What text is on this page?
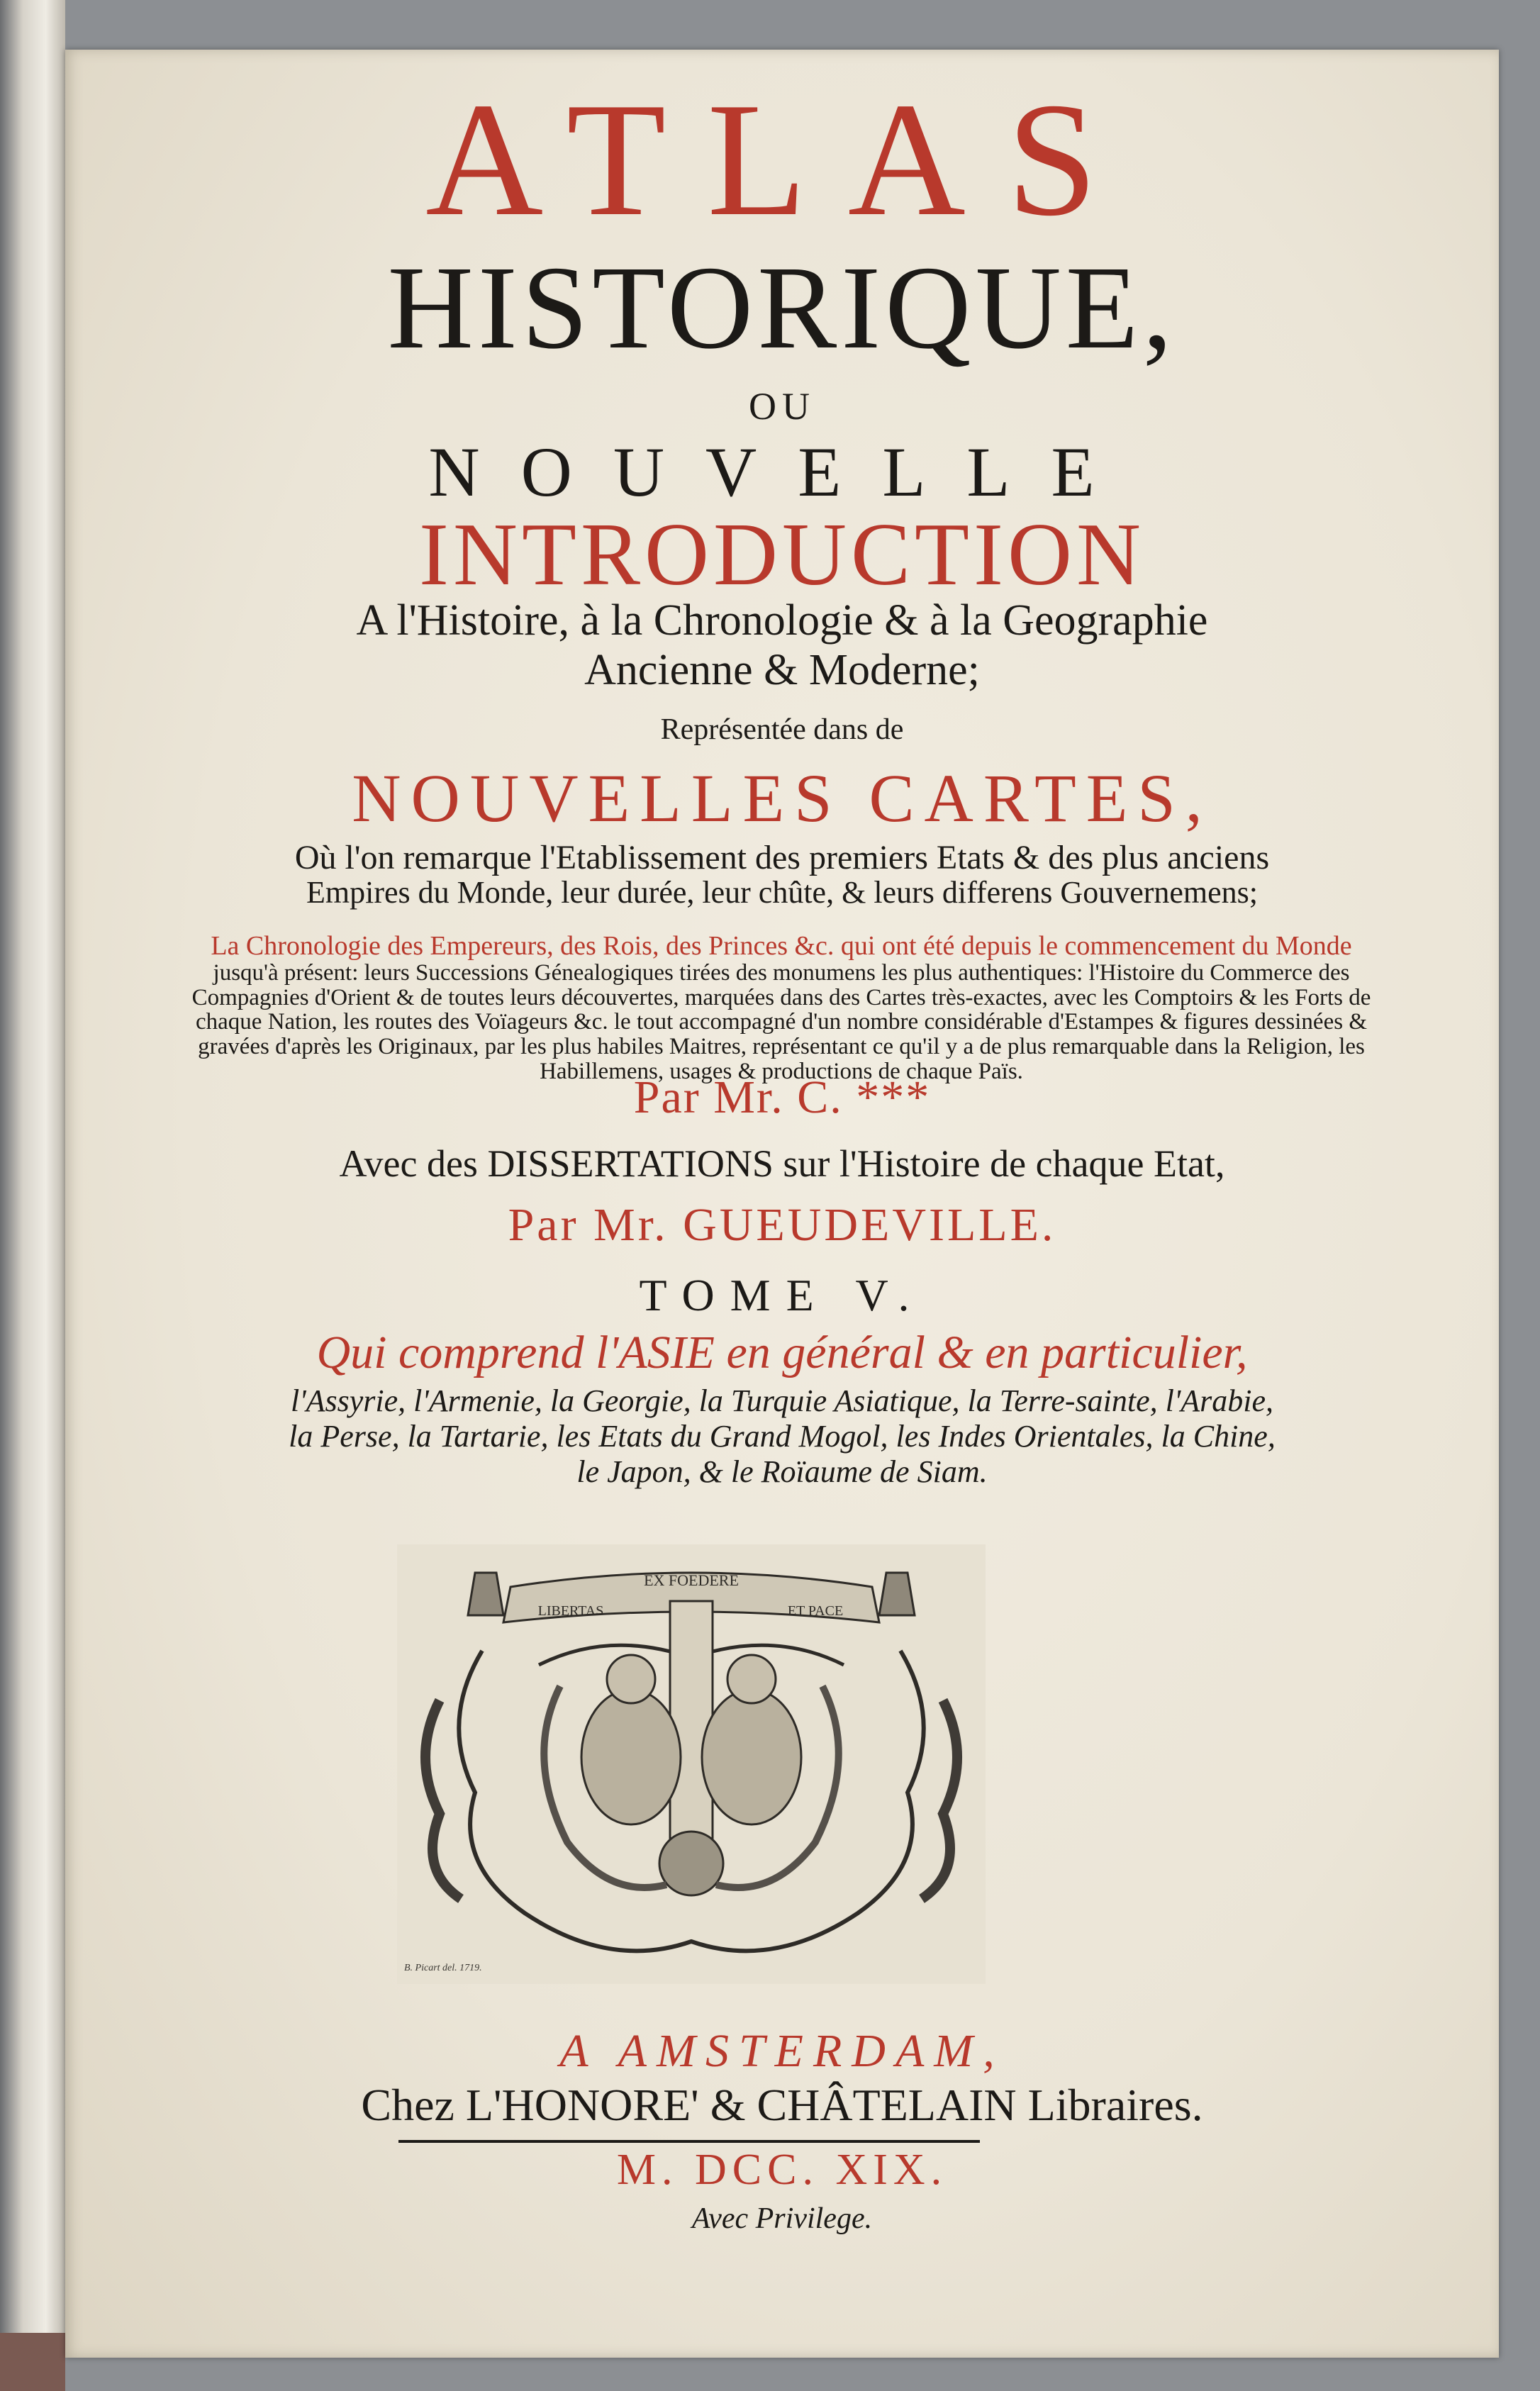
ATLAS
HISTORIQUE,
OU
NOUVELLE
INTRODUCTION
A l'Histoire, à la Chronologie & à la Geographie
Ancienne & Moderne;
Représentée dans de
NOUVELLES CARTES,
Où l'on remarque l'Etablissement des premiers Etats & des plus anciens
Empires du Monde, leur durée, leur chûte, & leurs differens Gouvernemens;
La Chronologie des Empereurs, des Rois, des Princes &c. qui ont été depuis le commencement du Monde
jusqu'à présent: leurs Successions Génealogiques tirées des monumens les plus authentiques: l'Histoire du Commerce des Compagnies d'Orient & de toutes leurs découvertes, marquées dans des Cartes très-exactes, avec les Comptoirs & les Forts de chaque Nation, les routes des Voïageurs &c. le tout accompagné d'un nombre considérable d'Estampes & figures dessinées & gravées d'après les Originaux, par les plus habiles Maitres, représentant ce qu'il y a de plus remarquable dans la Religion, les Habillemens, usages & productions de chaque Païs.
Par Mr. C. ***
Avec des DISSERTATIONS sur l'Histoire de chaque Etat,
Par Mr. GUEUDEVILLE.
TOME V.
Qui comprend l'ASIE en général & en particulier,
l'Assyrie, l'Armenie, la Georgie, la Turquie Asiatique, la Terre-sainte, l'Arabie,
la Perse, la Tartarie, les Etats du Grand Mogol, les Indes Orientales, la Chine,
le Japon, & le Roïaume de Siam.
EX FOEDERE
LIBERTAS	ET PACE
B. Picart del. 1719.
A AMSTERDAM,
Chez L'HONORE' & CHÂTELAIN Libraires.
M. DCC. XIX.
Avec Privilege.
